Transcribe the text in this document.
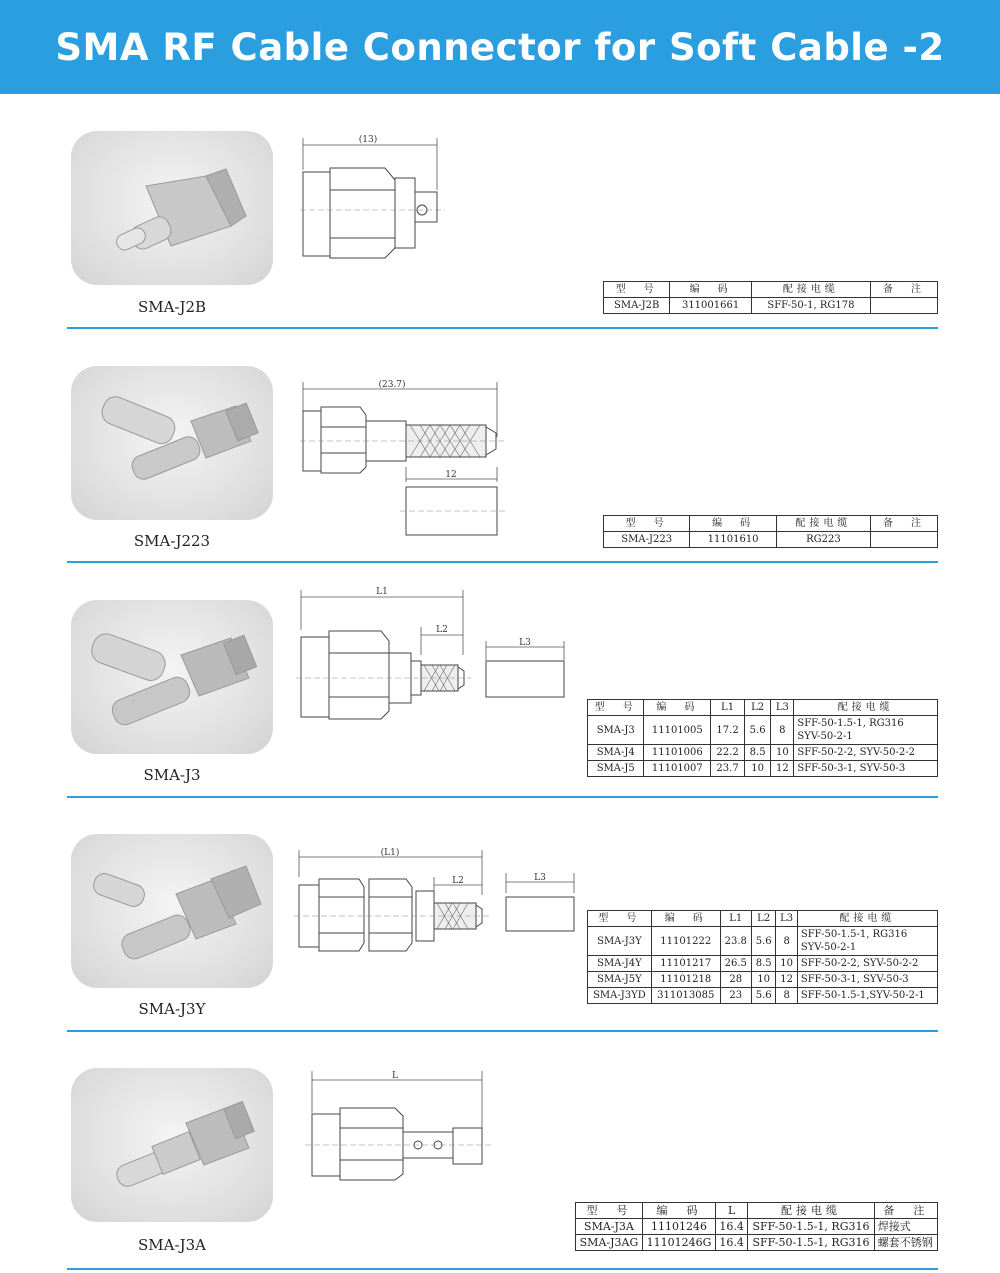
SMA RF Cable Connector for Soft Cable -2
SMA-J2B
(13)
型　号	编　码	配接电缆	备　注
SMA-J2B	311001661	SFF-50-1, RG178	
SMA-J223
(23.7)
12
型　号	编　码	配接电缆	备　注
SMA-J223	11101610	RG223	
SMA-J3
L1
L2
L3
型　号	编　码	L1	L2	L3	配接电缆
SMA-J3	11101005	17.2	5.6	8	SFF-50-1.5-1, RG316
SYV-50-2-1

SMA-J4	11101006	22.2	8.5	10	SFF-50-2-2, SYV-50-2-2
SMA-J5	11101007	23.7	10	12	SFF-50-3-1, SYV-50-3
SMA-J3Y
(L1)
L2	L3
型　号	编　码	L1	L2	L3	配接电缆
SMA-J3Y	11101222	23.8	5.6	8	SFF-50-1.5-1, RG316
SYV-50-2-1

SMA-J4Y	11101217	26.5	8.5	10	SFF-50-2-2, SYV-50-2-2
SMA-J5Y	11101218	28	10	12	SFF-50-3-1, SYV-50-3
SMA-J3YD	311013085	23	5.6	8	SFF-50-1.5-1,SYV-50-2-1
SMA-J3A
L
型　号	编　码	L	配接电缆	备　注
SMA-J3A	11101246	16.4	SFF-50-1.5-1, RG316	焊接式
SMA-J3AG	11101246G	16.4	SFF-50-1.5-1, RG316	螺套不锈钢
